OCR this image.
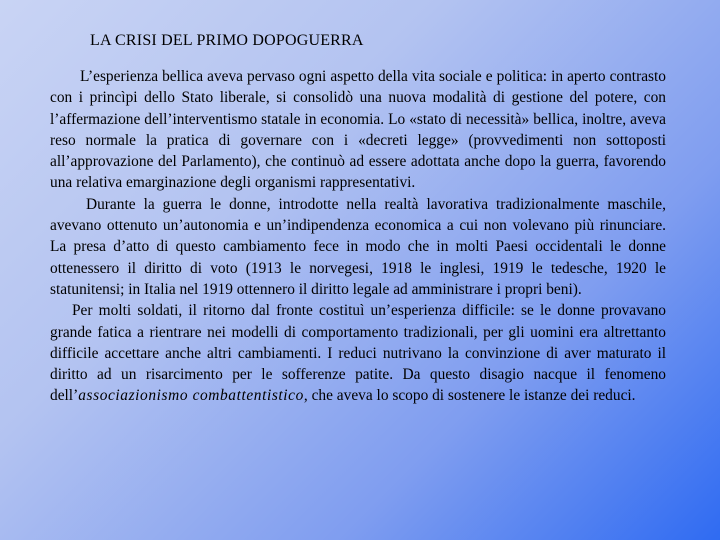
LA CRISI DEL PRIMO DOPOGUERRA

L’esperienza bellica aveva pervaso ogni aspetto della vita sociale e politica: in aperto contrasto con i princìpi dello Stato liberale, si consolidò una nuova modalità di gestione del potere, con l’affermazione dell’interventismo statale in economia. Lo «stato di necessità» bellica, inoltre, aveva reso normale la pratica di governare con i «decreti legge» (provvedimenti non sottoposti all’approvazione del Parlamento), che continuò ad essere adottata anche dopo la guerra, favorendo una relativa emarginazione degli organismi rappresentativi.

Durante la guerra le donne, introdotte nella realtà lavorativa tradizionalmente maschile, avevano ottenuto un’autonomia e un’indipendenza economica a cui non volevano più rinunciare. La presa d’atto di questo cambiamento fece in modo che in molti Paesi occidentali le donne ottenessero il diritto di voto (1913 le norvegesi, 1918 le inglesi, 1919 le tedesche, 1920 le statunitensi; in Italia nel 1919 ottennero il diritto legale ad amministrare i propri beni).

Per molti soldati, il ritorno dal fronte costituì un’esperienza difficile: se le donne provavano grande fatica a rientrare nei modelli di comportamento tradizionali, per gli uomini era altrettanto difficile accettare anche altri cambiamenti. I reduci nutrivano la convinzione di aver maturato il diritto ad un risarcimento per le sofferenze patite. Da questo disagio nacque il fenomeno dell’associazionismo combattentistico, che aveva lo scopo di sostenere le istanze dei reduci.
